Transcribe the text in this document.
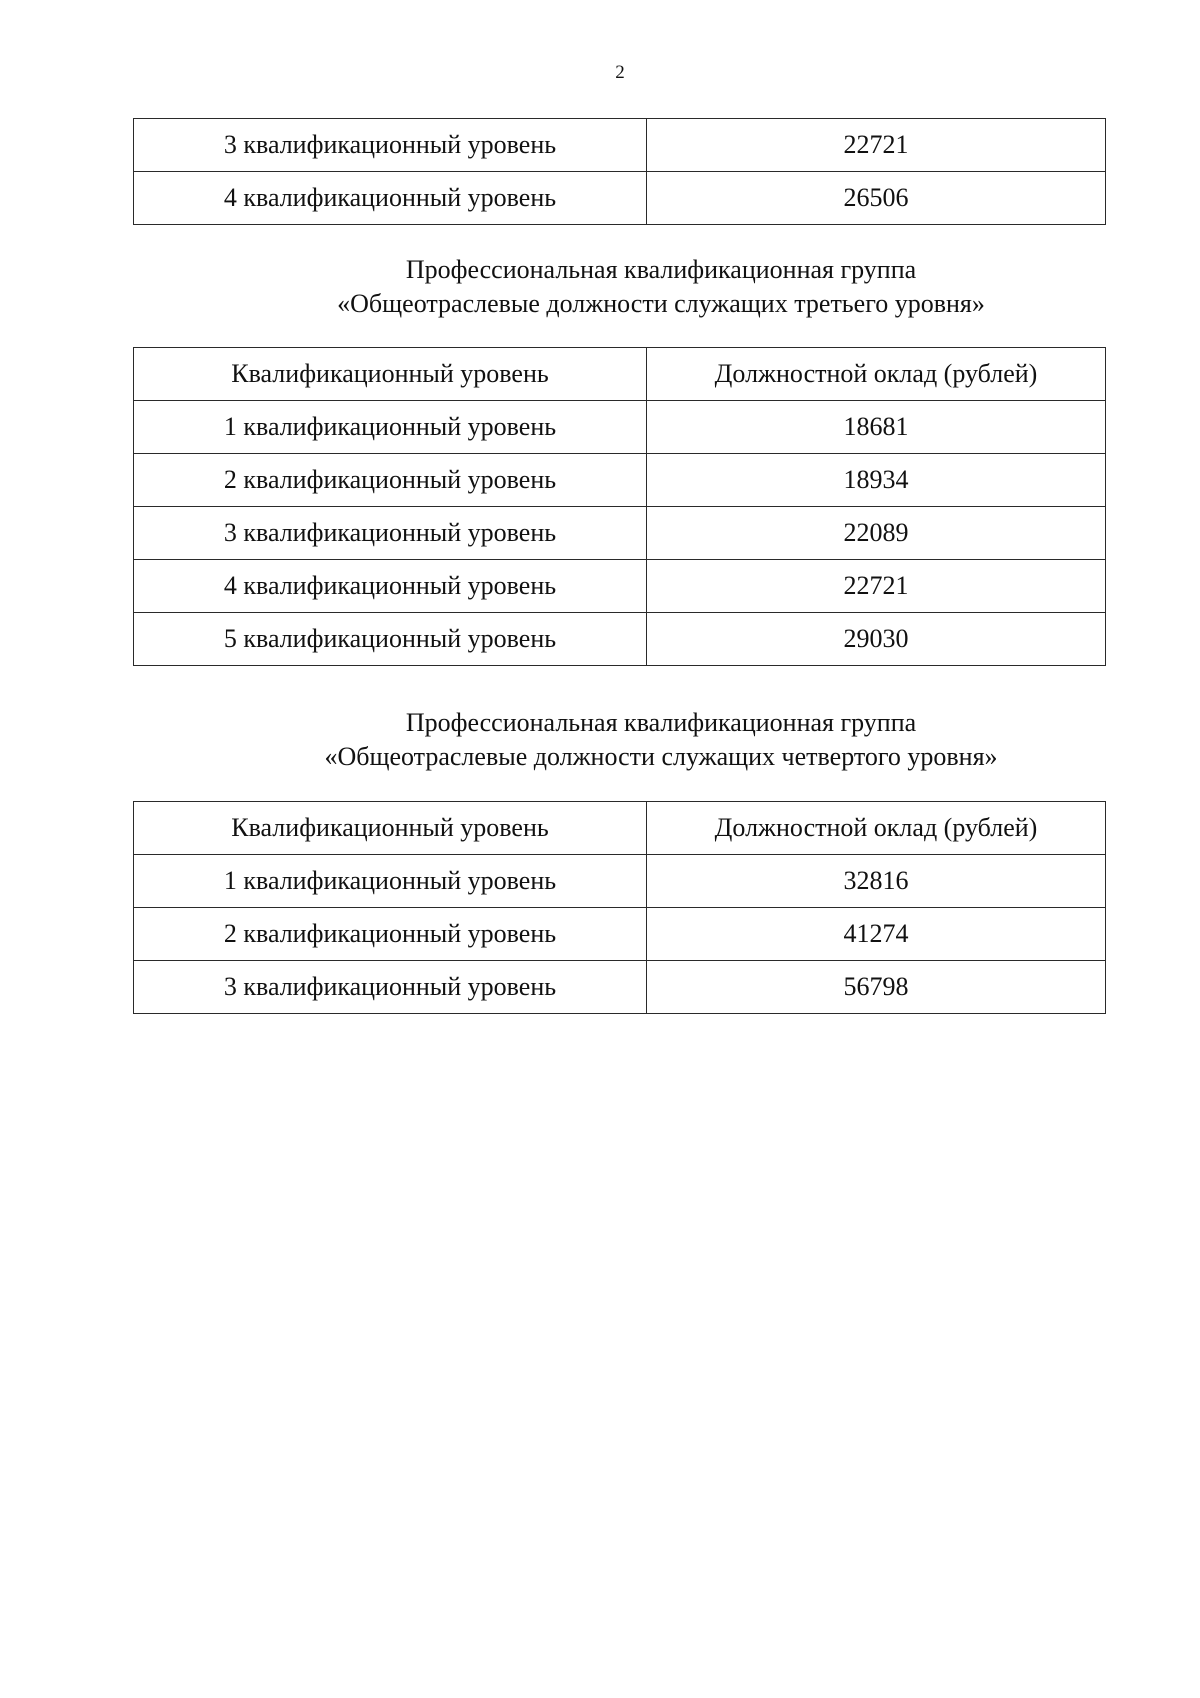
2
3 квалификационный уровень	22721
4 квалификационный уровень	26506
Профессиональная квалификационная группа
«Общеотраслевые должности служащих третьего уровня»
Квалификационный уровень	Должностной оклад (рублей)
1 квалификационный уровень	18681
2 квалификационный уровень	18934
3 квалификационный уровень	22089
4 квалификационный уровень	22721
5 квалификационный уровень	29030
Профессиональная квалификационная группа
«Общеотраслевые должности служащих четвертого уровня»
Квалификационный уровень	Должностной оклад (рублей)
1 квалификационный уровень	32816
2 квалификационный уровень	41274
3 квалификационный уровень	56798
